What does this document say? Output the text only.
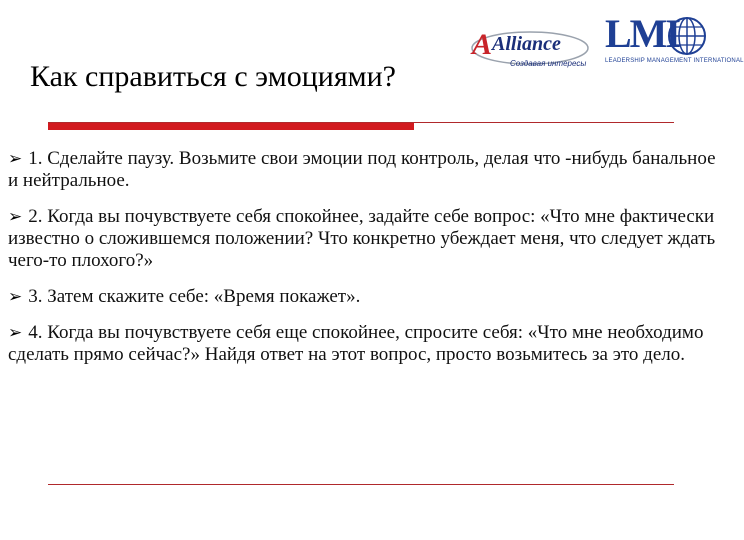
Как справиться с эмоциями?
A Alliance
Создавая интересы
LMI
LEADERSHIP MANAGEMENT INTERNATIONAL

➢ 1. Сделайте паузу. Возьмите свои эмоции под контроль, делая что -нибудь банальное и нейтральное.

➢ 2. Когда вы почувствуете себя спокойнее, задайте себе вопрос: «Что мне фактически известно о сложившемся положении? Что конкретно убеждает меня, что следует ждать чего-то плохого?»

➢ 3. Затем скажите себе: «Время покажет».

➢ 4. Когда вы почувствуете себя еще спокойнее, спросите себя: «Что мне необходимо сделать прямо сейчас?» Найдя ответ на этот вопрос, просто возьмитесь за это дело.
